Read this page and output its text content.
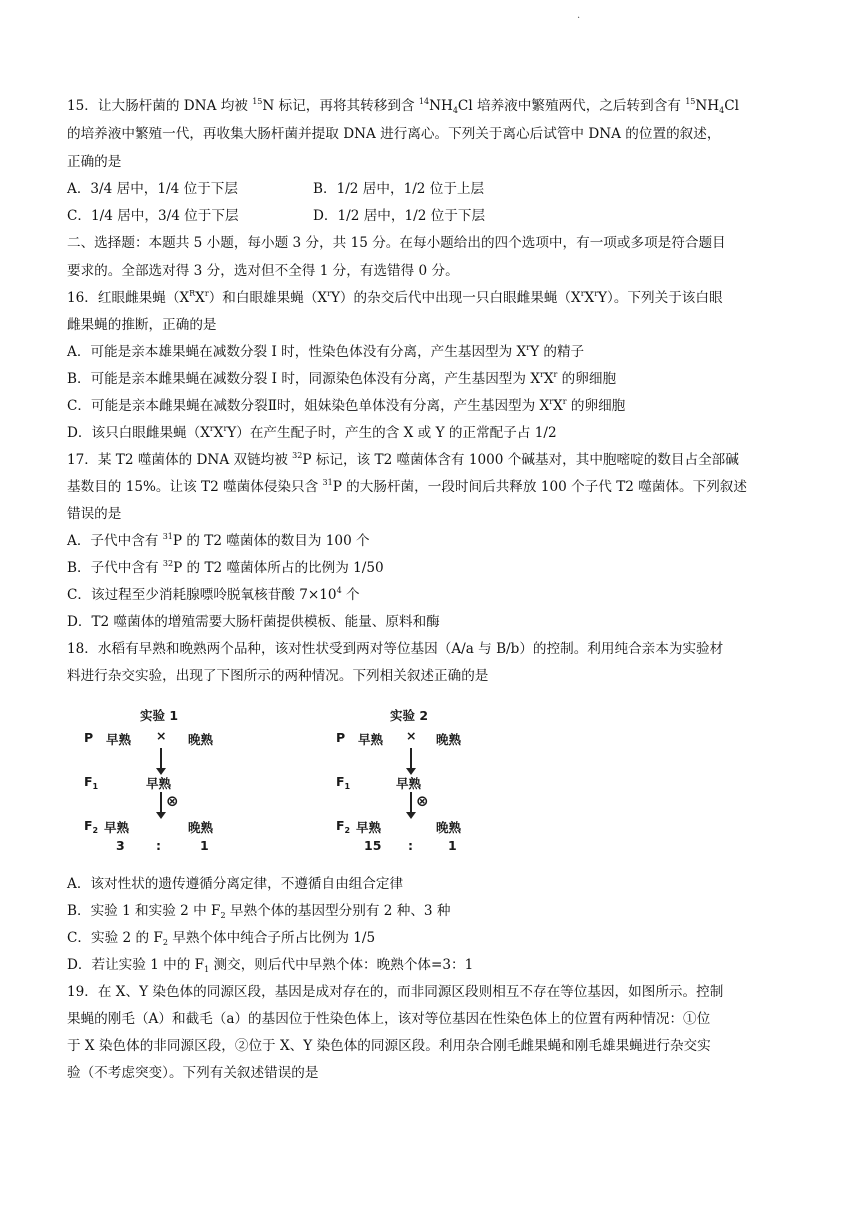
.
15．让大肠杆菌的 DNA 均被 $^{15}$N 标记，再将其转移到含 $^{14}NH_4Cl$ 培养液中繁殖两代，之后转到含有 $^{15}NH_4Cl$
的培养液中繁殖一代，再收集大肠杆菌并提取 DNA 进行离心。下列关于离心后试管中 DNA 的位置的叙述，
正确的是
A．3/4 居中，1/4 位于下层	B．1/2 居中，1/2 位于上层
C．1/4 居中，3/4 位于下层	D．1/2 居中，1/2 位于下层
二、选择题：本题共 5 小题，每小题 3 分，共 15 分。在每小题给出的四个选项中，有一项或多项是符合题目
要求的。全部选对得 3 分，选对但不全得 1 分，有选错得 0 分。
16．红眼雌果蝇$(X^RX^r)$和白眼雄果蝇$(X^rY)$的杂交后代中出现一只白眼雌果蝇$(X^rX^rY)$。下列关于该白眼
雌果蝇的推断，正确的是
A．可能是亲本雄果蝇在减数分裂 I 时，性染色体没有分离，产生基因型为 $X^rY$ 的精子
B．可能是亲本雌果蝇在减数分裂 I 时，同源染色体没有分离，产生基因型为 $X^rX^r$ 的卵细胞
C．可能是亲本雌果蝇在减数分裂Ⅱ时，姐妹染色单体没有分离，产生基因型为 $X^rX^r$ 的卵细胞
D．该只白眼雌果蝇$(X^rX^rY)$在产生配子时，产生的含 X 或 Y 的正常配子占 1/2
17．某 T2 噬菌体的 DNA 双链均被 $^{32}$P 标记，该 T2 噬菌体含有 1000 个碱基对，其中胞嘧啶的数目占全部碱
基数目的 15%。让该 T2 噬菌体侵染只含 $^{31}$P 的大肠杆菌，一段时间后共释放 100 个子代 T2 噬菌体。下列叙述
错误的是
A．子代中含有 $^{31}$P 的 T2 噬菌体的数目为 100 个
B．子代中含有 $^{32}$P 的 T2 噬菌体所占的比例为 1/50
C．该过程至少消耗腺嘌呤脱氧核苷酸 $7\times 10^4$ 个
D．T2 噬菌体的增殖需要大肠杆菌提供模板、能量、原料和酶
18．水稻有早熟和晚熟两个品种，该对性状受到两对等位基因（A/a 与 B/b）的控制。利用纯合亲本为实验材
料进行杂交实验，出现了下图所示的两种情况。下列相关叙述正确的是
实验 1
P 早熟 × 晚熟
$F_1$	早熟
⊗
$F_2$ 早熟	晚熟
3	:	1
实验 2
P 早熟 × 晚熟
$F_1$	早熟
⊗
$F_2$ 早熟	晚熟
15 :	1
A．该对性状的遗传遵循分离定律，不遵循自由组合定律
B．实验 1 和实验 2 中 $F_2$ 早熟个体的基因型分别有 2 种、3 种
C．实验 2 的 $F_2$ 早熟个体中纯合子所占比例为 1/5
D．若让实验 1 中的 $F_1$ 测交，则后代中早熟个体：晚熟个体=3：1
19．在 X、Y 染色体的同源区段，基因是成对存在的，而非同源区段则相互不存在等位基因，如图所示。控制
果蝇的刚毛（A）和截毛（a）的基因位于性染色体上，该对等位基因在性染色体上的位置有两种情况：①位
于 X 染色体的非同源区段，②位于 X、Y 染色体的同源区段。利用杂合刚毛雌果蝇和刚毛雄果蝇进行杂交实
验（不考虑突变）。下列有关叙述错误的是
